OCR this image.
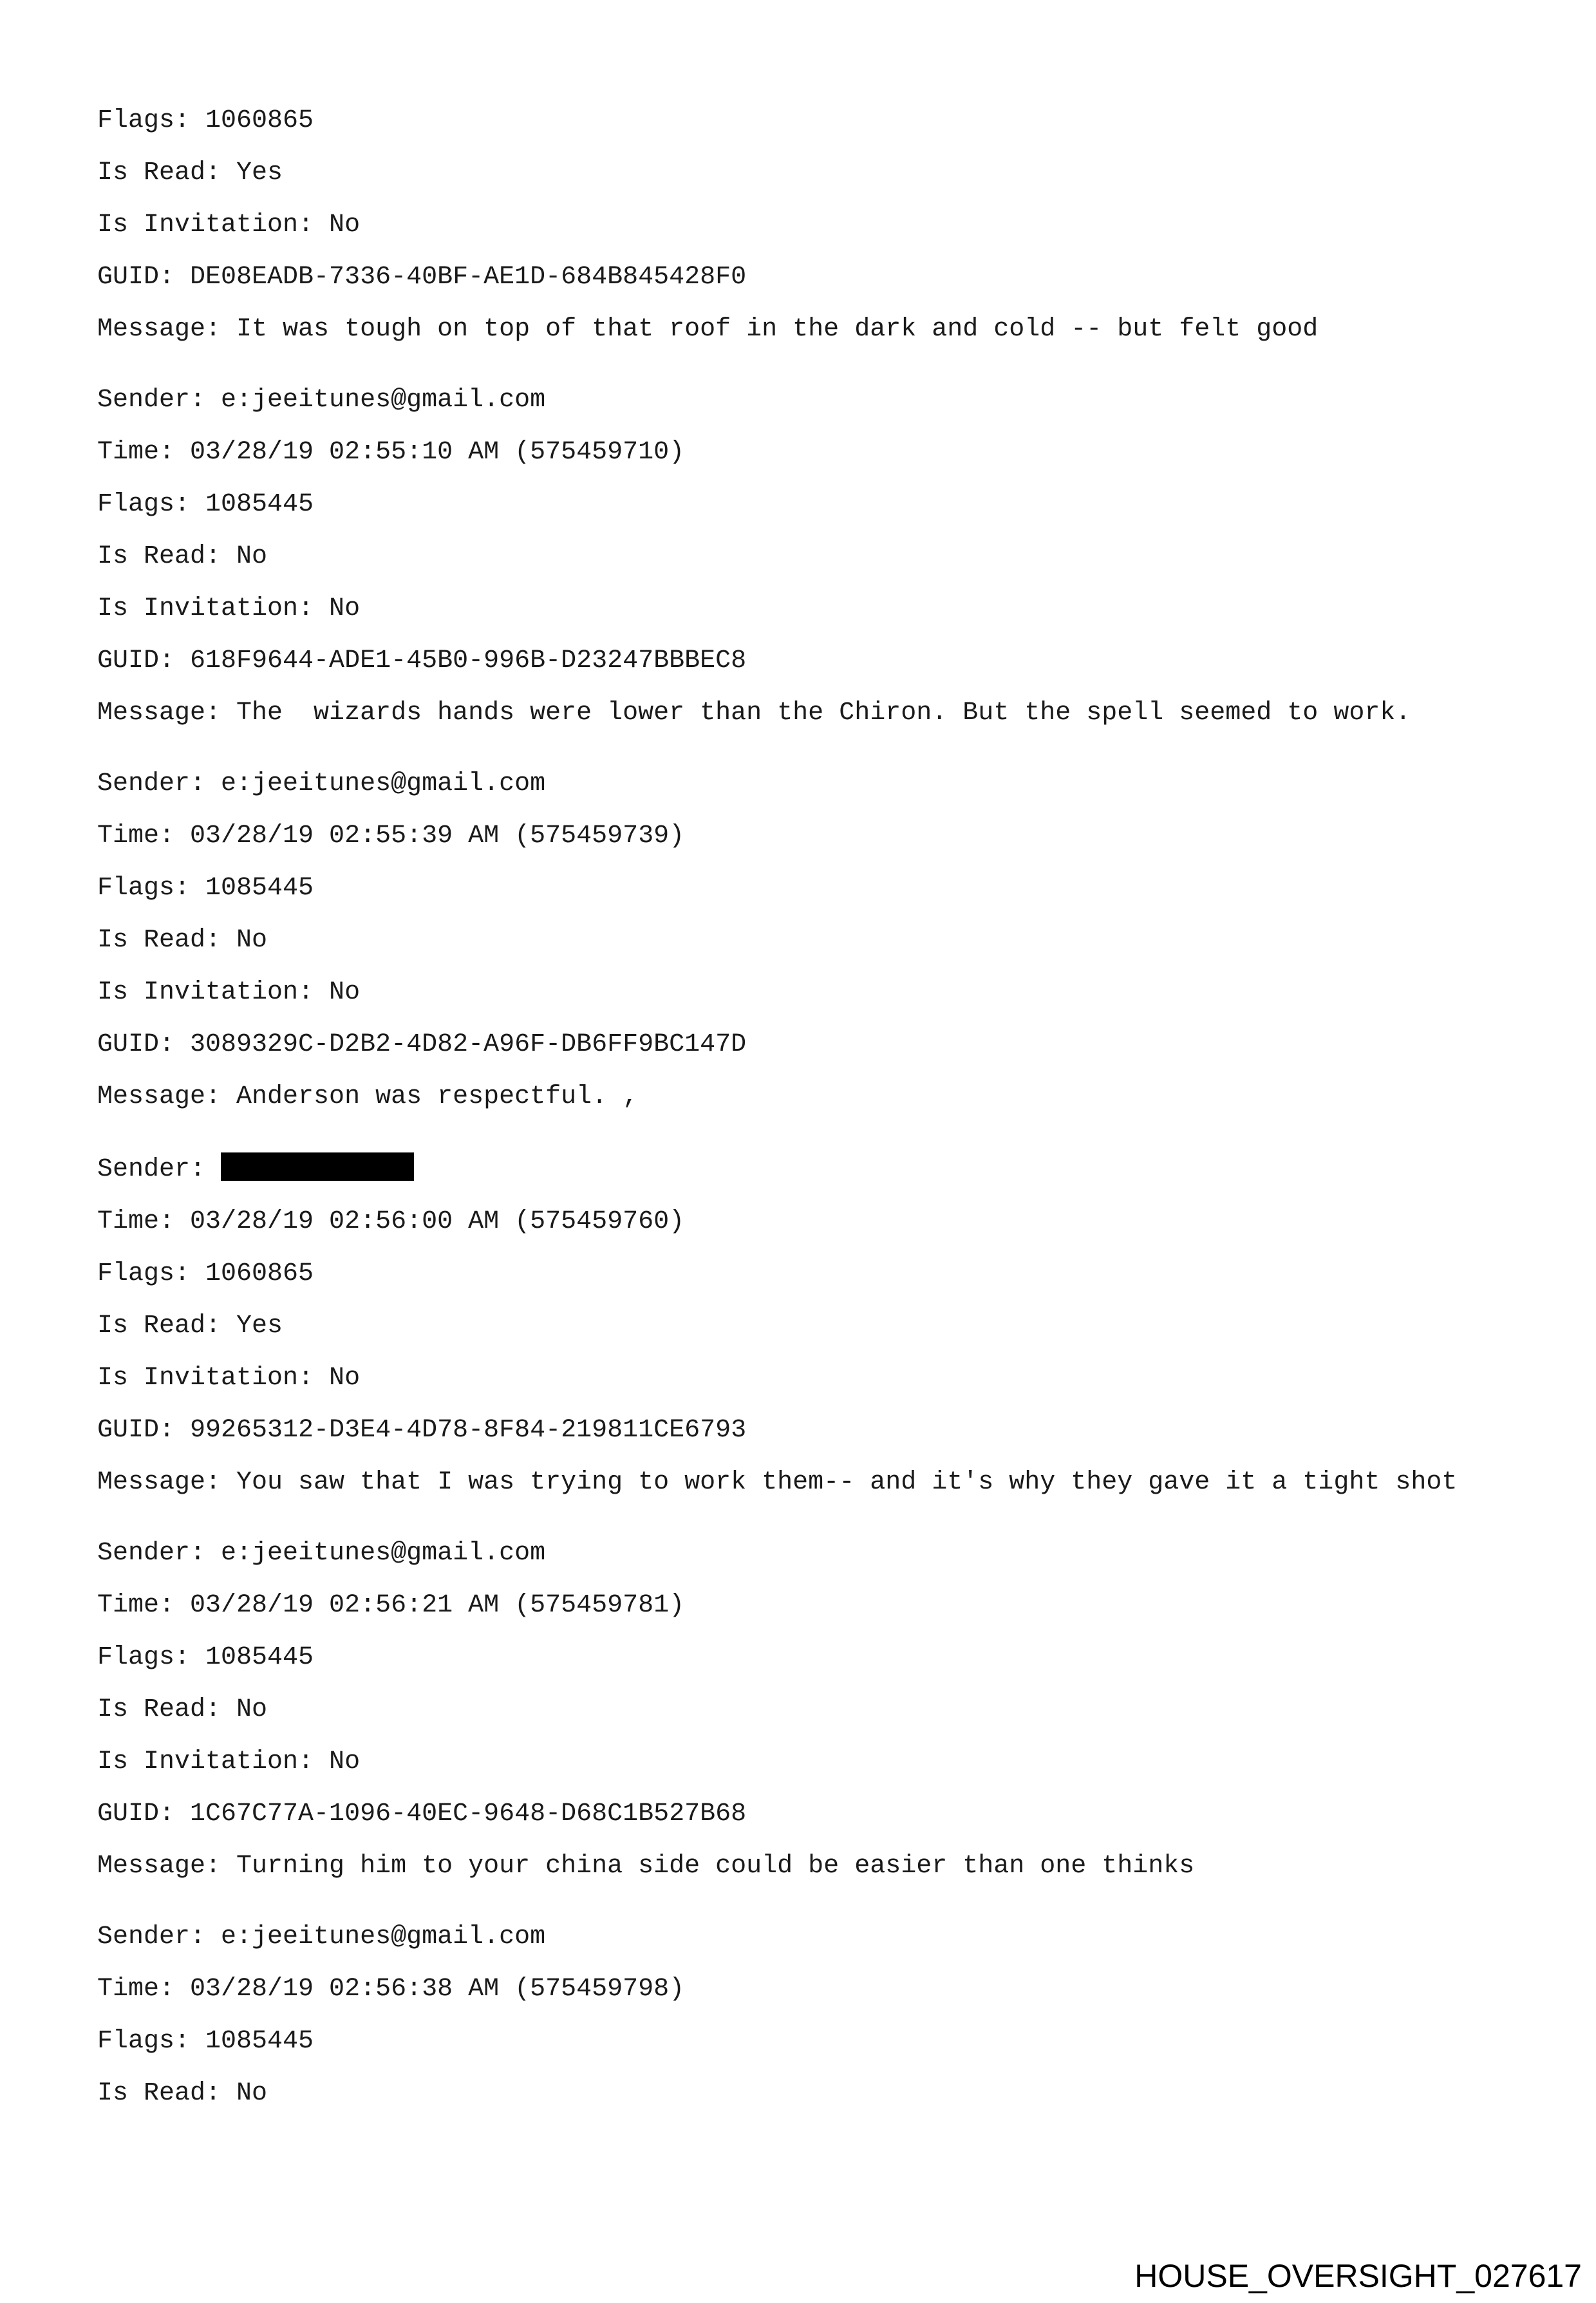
Flags: 1060865
Is Read: Yes
Is Invitation: No
GUID: DE08EADB-7336-40BF-AE1D-684B845428F0
Message: It was tough on top of that roof in the dark and cold -- but felt good
Sender: e:jeeitunes@gmail.com
Time: 03/28/19 02:55:10 AM (575459710)
Flags: 1085445
Is Read: No
Is Invitation: No
GUID: 618F9644-ADE1-45B0-996B-D23247BBBEC8
Message: The  wizards hands were lower than the Chiron. But the spell seemed to work.
Sender: e:jeeitunes@gmail.com
Time: 03/28/19 02:55:39 AM (575459739)
Flags: 1085445
Is Read: No
Is Invitation: No
GUID: 3089329C-D2B2-4D82-A96F-DB6FF9BC147D
Message: Anderson was respectful. ,
Sender:
Time: 03/28/19 02:56:00 AM (575459760)
Flags: 1060865
Is Read: Yes
Is Invitation: No
GUID: 99265312-D3E4-4D78-8F84-219811CE6793
Message: You saw that I was trying to work them-- and it's why they gave it a tight shot
Sender: e:jeeitunes@gmail.com
Time: 03/28/19 02:56:21 AM (575459781)
Flags: 1085445
Is Read: No
Is Invitation: No
GUID: 1C67C77A-1096-40EC-9648-D68C1B527B68
Message: Turning him to your china side could be easier than one thinks
Sender: e:jeeitunes@gmail.com
Time: 03/28/19 02:56:38 AM (575459798)
Flags: 1085445
Is Read: No
HOUSE_OVERSIGHT_027617
